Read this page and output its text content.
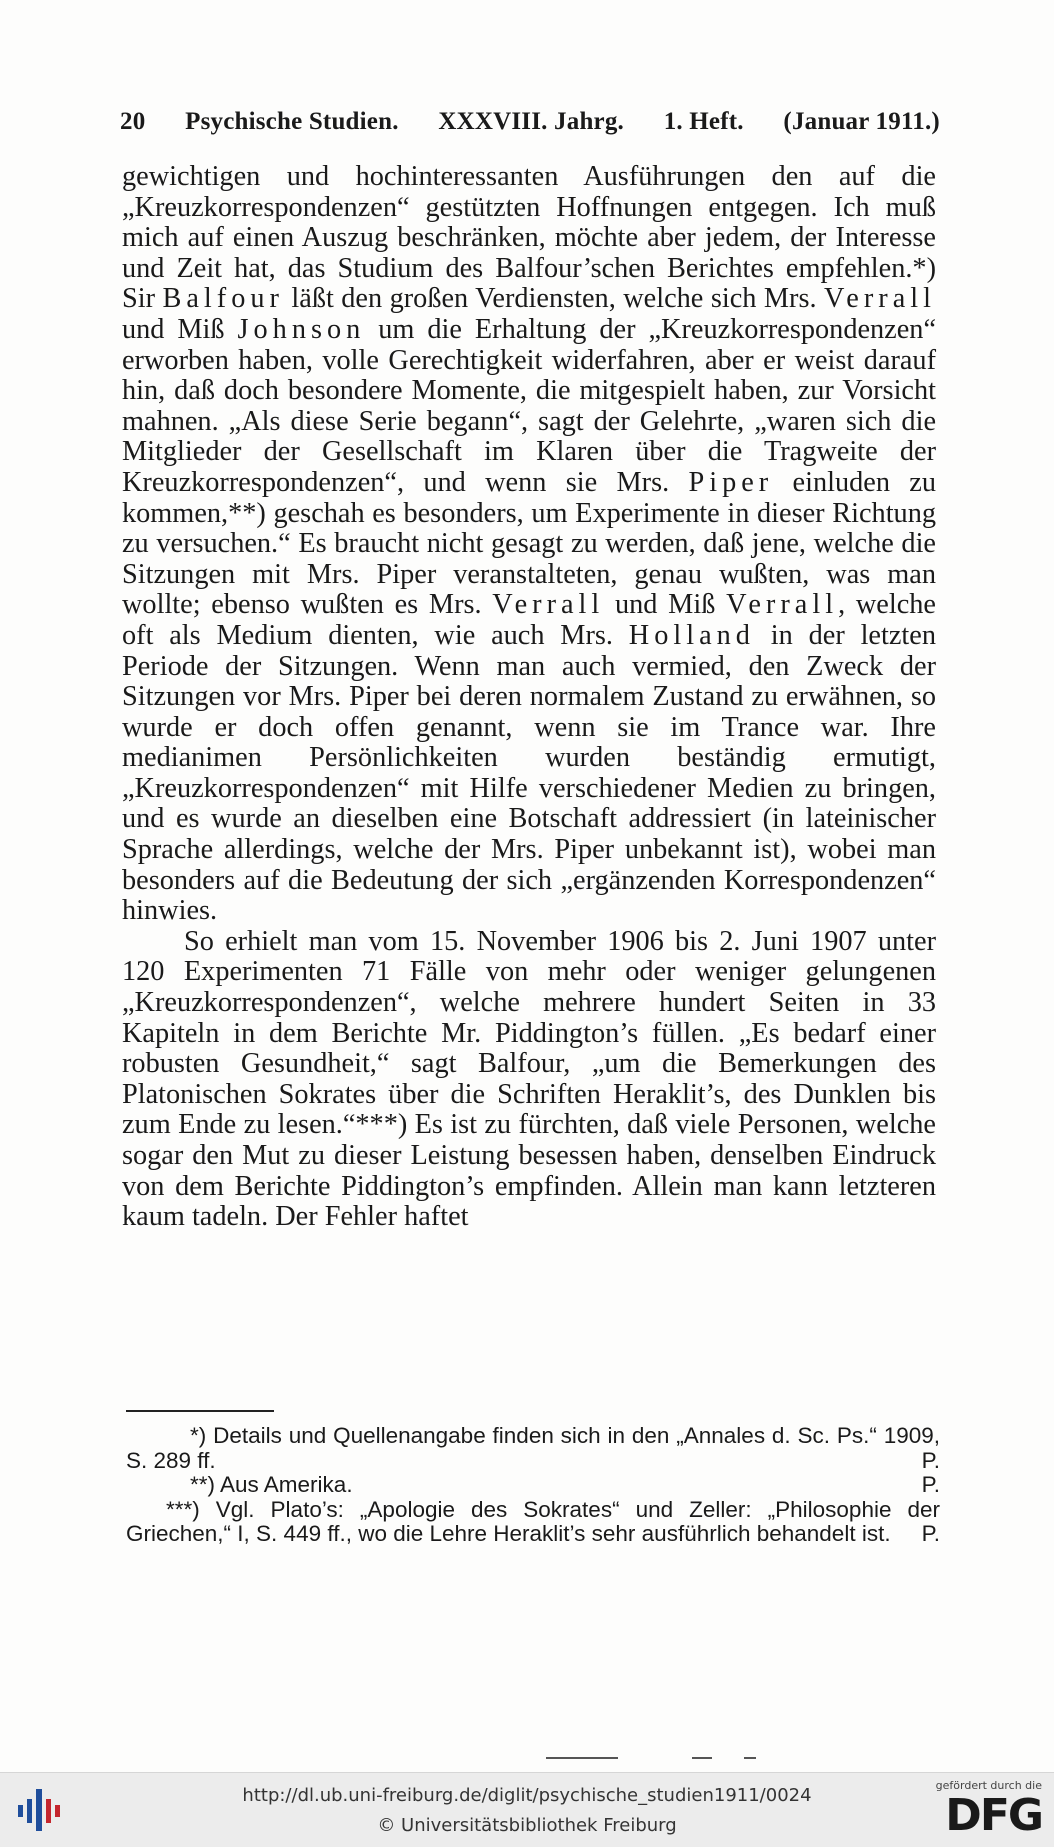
20 Psychische Studien. XXXVIII. Jahrg. 1. Heft. (Januar 1911.)

gewichtigen und hochinteressanten Ausführungen den auf die „Kreuzkorrespondenzen“ gestützten Hoffnungen entgegen. Ich muß mich auf einen Auszug beschränken, möchte aber jedem, der Interesse und Zeit hat, das Studium des Balfour’schen Berichtes empfehlen.*) Sir Balfour läßt den großen Verdiensten, welche sich Mrs. Verrall und Miß Johnson um die Erhaltung der „Kreuzkorrespondenzen“ erworben haben, volle Gerechtigkeit widerfahren, aber er weist darauf hin, daß doch besondere Momente, die mitgespielt haben, zur Vorsicht mahnen. „Als diese Serie begann“, sagt der Gelehrte, „waren sich die Mitglieder der Gesellschaft im Klaren über die Tragweite der Kreuzkorrespondenzen“, und wenn sie Mrs. Piper einluden zu kommen,**) geschah es besonders, um Experimente in dieser Richtung zu versuchen.“ Es braucht nicht gesagt zu werden, daß jene, welche die Sitzungen mit Mrs. Piper veranstalteten, genau wußten, was man wollte; ebenso wußten es Mrs. Verrall und Miß Verrall, welche oft als Medium dienten, wie auch Mrs. Holland in der letzten Periode der Sitzungen. Wenn man auch vermied, den Zweck der Sitzungen vor Mrs. Piper bei deren normalem Zustand zu erwähnen, so wurde er doch offen genannt, wenn sie im Trance war. Ihre medianimen Persönlichkeiten wurden beständig ermutigt, „Kreuzkorrespondenzen“ mit Hilfe verschiedener Medien zu bringen, und es wurde an dieselben eine Botschaft addressiert (in lateinischer Sprache allerdings, welche der Mrs. Piper unbekannt ist), wobei man besonders auf die Bedeutung der sich „ergänzenden Korrespondenzen“ hinwies.

So erhielt man vom 15. November 1906 bis 2. Juni 1907 unter 120 Experimenten 71 Fälle von mehr oder weniger gelungenen „Kreuzkorrespondenzen“, welche mehrere hundert Seiten in 33 Kapiteln in dem Berichte Mr. Piddington’s füllen. „Es bedarf einer robusten Gesundheit,“ sagt Balfour, „um die Bemerkungen des Platonischen Sokrates über die Schriften Heraklit’s, des Dunklen bis zum Ende zu lesen.“***) Es ist zu fürchten, daß viele Personen, welche sogar den Mut zu dieser Leistung besessen haben, denselben Eindruck von dem Berichte Piddington’s empfinden. Allein man kann letzteren kaum tadeln. Der Fehler haftet

*) Details und Quellenangabe finden sich in den „Annales d. Sc. Ps.“ 1909, S. 289 ff.	P.
**) Aus Amerika.	P.
***) Vgl. Plato’s: „Apologie des Sokrates“ und Zeller: „Philosophie der Griechen,“ I, S. 449 ff., wo die Lehre Heraklit’s sehr ausführlich behandelt ist. P.
http://dl.ub.uni-freiburg.de/diglit/psychische_studien1911/0024
© Universitätsbibliothek Freiburg
gefördert durch die
DFG
